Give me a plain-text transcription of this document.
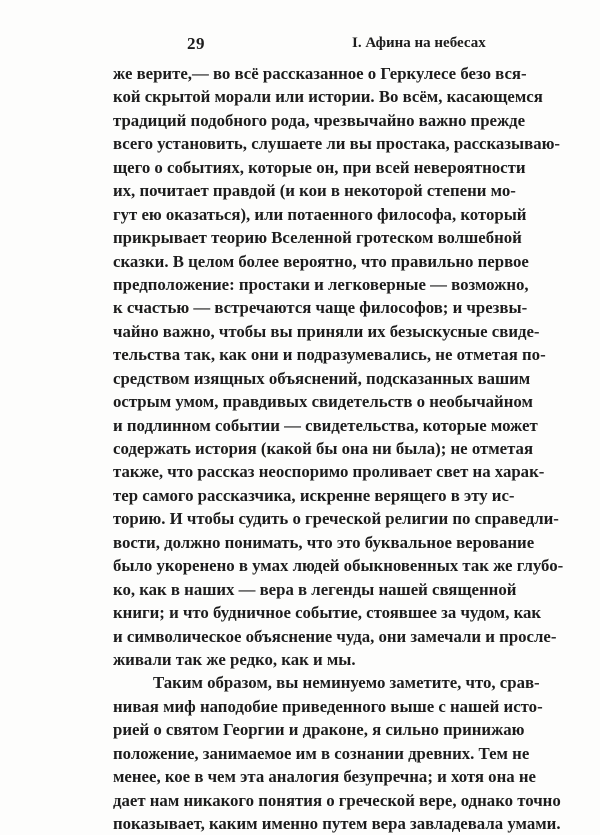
29	I. Афина на небесах
же верите,— во всё рассказанное о Геркулесе безо вся-
кой скрытой морали или истории. Во всём, касающемся
традиций подобного рода, чрезвычайно важно прежде
всего установить, слушаете ли вы простака, рассказываю-
щего о событиях, которые он, при всей невероятности
их, почитает правдой (и кои в некоторой степени мо-
гут ею оказаться), или потаенного философа, который
прикрывает теорию Вселенной гротеском волшебной
сказки. В целом более вероятно, что правильно первое
предположение: простаки и легковерные — возможно,
к счастью — встречаются чаще философов; и чрезвы-
чайно важно, чтобы вы приняли их безыскусные свиде-
тельства так, как они и подразумевались, не отметая по-
средством изящных объяснений, подсказанных вашим
острым умом, правдивых свидетельств о необычайном
и подлинном событии — свидетельства, которые может
содержать история (какой бы она ни была); не отметая
также, что рассказ неоспоримо проливает свет на харак-
тер самого рассказчика, искренне верящего в эту ис-
торию. И чтобы судить о греческой религии по справедли-
вости, должно понимать, что это буквальное верование
было укоренено в умах людей обыкновенных так же глубо-
ко, как в наших — вера в легенды нашей священной
книги; и что будничное событие, стоявшее за чудом, как
и символическое объяснение чуда, они замечали и просле-
живали так же редко, как и мы.
Таким образом, вы неминуемо заметите, что, срав-
нивая миф наподобие приведенного выше с нашей исто-
рией о святом Георгии и драконе, я сильно принижаю
положение, занимаемое им в сознании древних. Тем не
менее, кое в чем эта аналогия безупречна; и хотя она не
дает нам никакого понятия о греческой вере, однако точно
показывает, каким именно путем вера завладевала умами.
